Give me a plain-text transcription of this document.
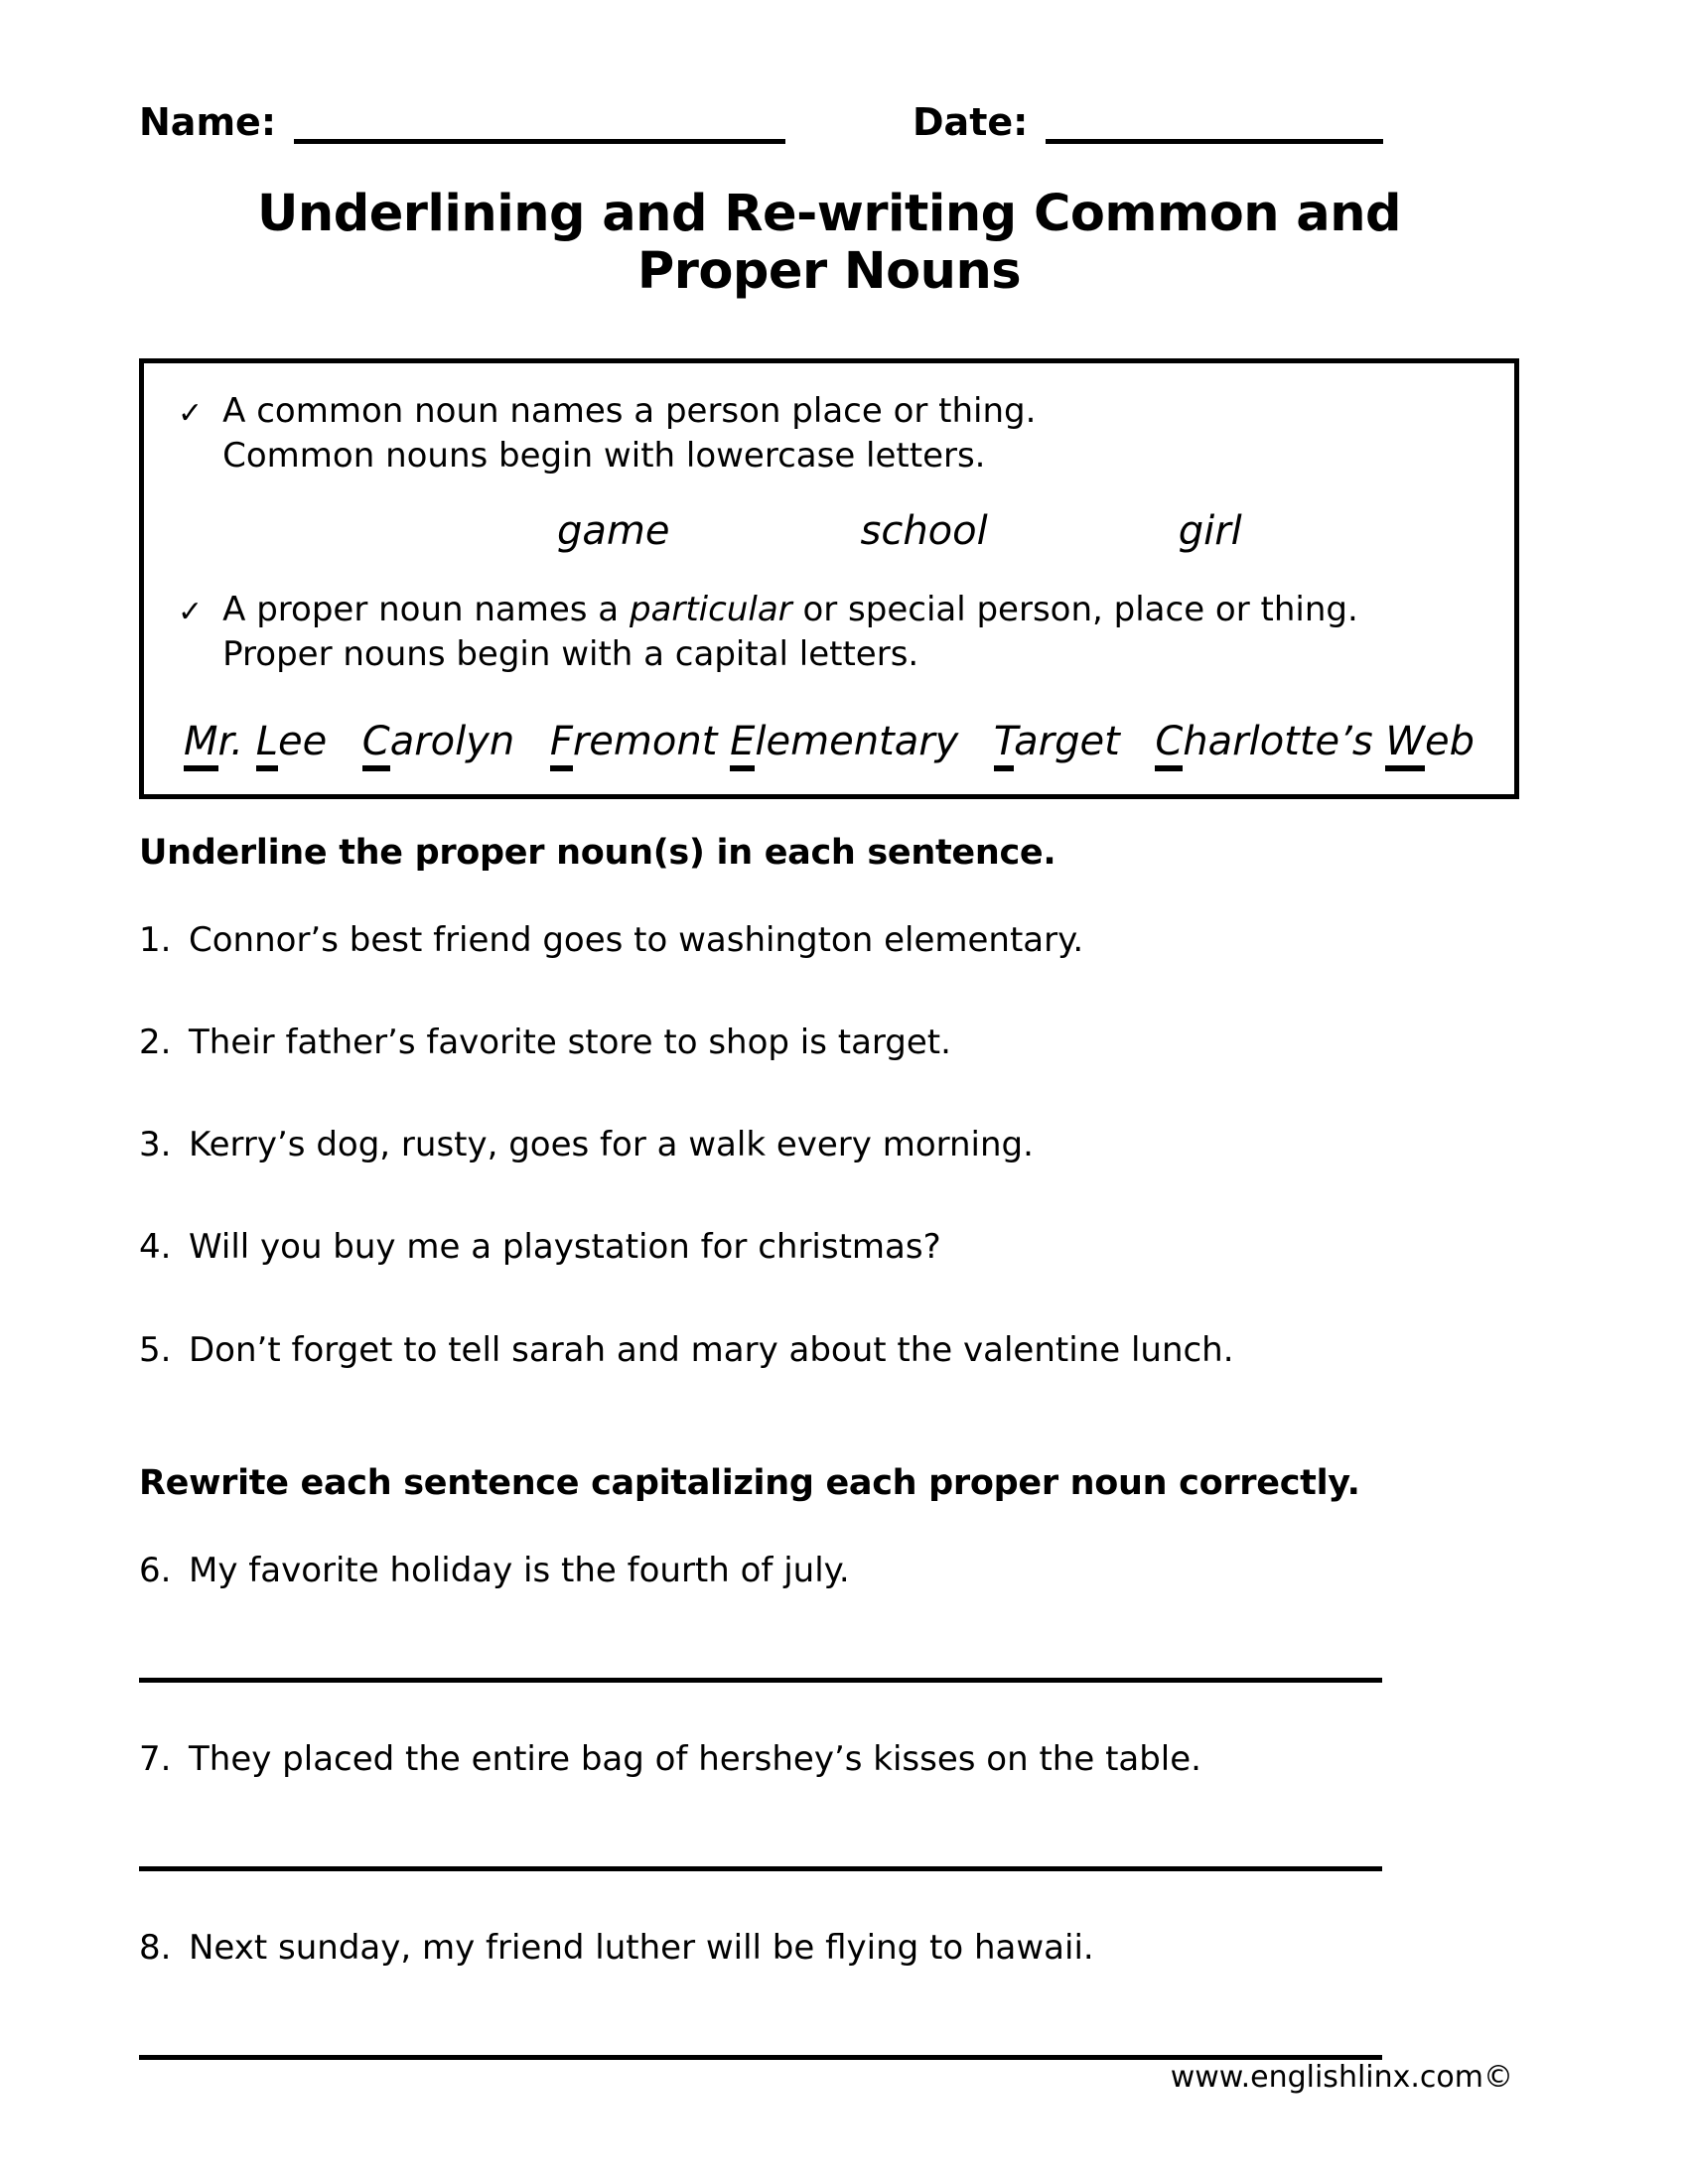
Name:	Date:
Underlining and Re-writing Common and Proper Nouns
✓ A common noun names a person place or thing.
Common nouns begin with lowercase letters.
game	school	girl
✓ A proper noun names a particular or special person, place or thing.
Proper nouns begin with a capital letters.
Mr. Lee Carolyn Fremont Elementary Target Charlotte’s Web
Underline the proper noun(s) in each sentence.
1. Connor’s best friend goes to washington elementary.
2. Their father’s favorite store to shop is target.
3. Kerry’s dog, rusty, goes for a walk every morning.
4. Will you buy me a playstation for christmas?
5. Don’t forget to tell sarah and mary about the valentine lunch.
Rewrite each sentence capitalizing each proper noun correctly.
6. My favorite holiday is the fourth of july.
7. They placed the entire bag of hershey’s kisses on the table.
8. Next sunday, my friend luther will be flying to hawaii.
www.englishlinx.com©
